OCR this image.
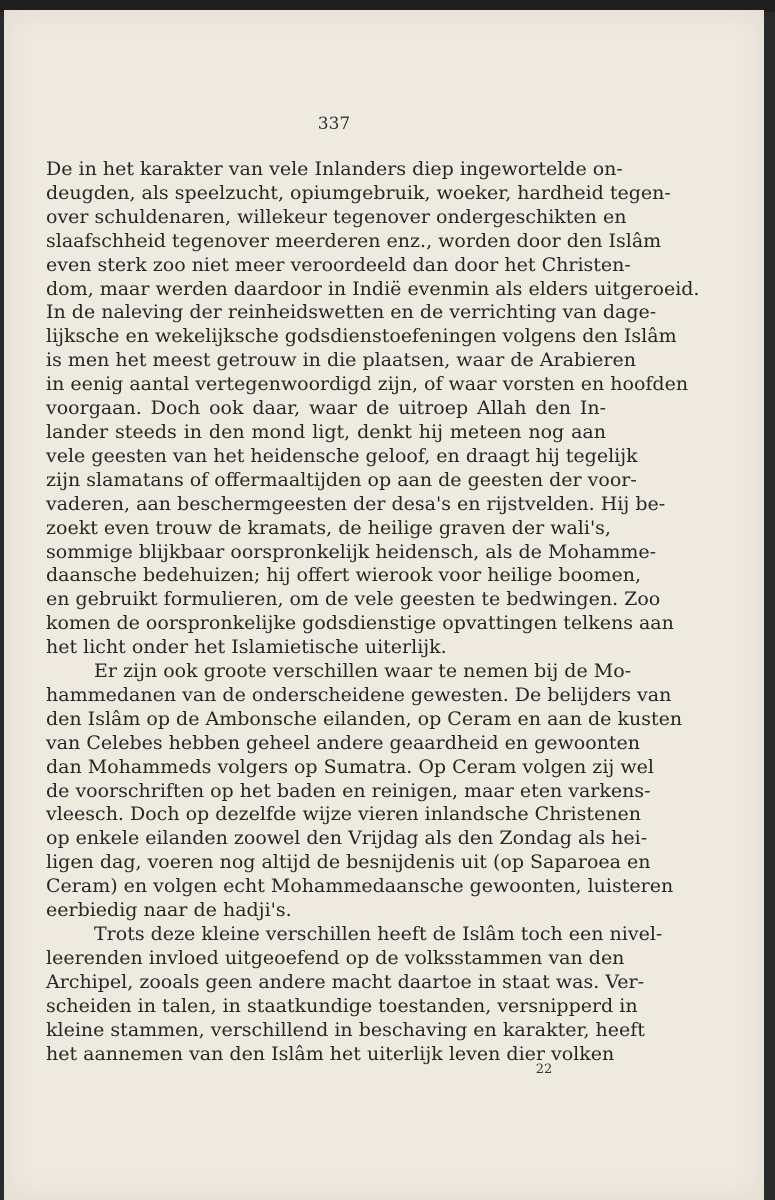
337
De in het karakter van vele Inlanders diep ingewortelde on-
deugden, als speelzucht, opiumgebruik, woeker, hardheid tegen-
over schuldenaren, willekeur tegenover ondergeschikten en
slaafschheid tegenover meerderen enz., worden door den Islâm
even sterk zoo niet meer veroordeeld dan door het Christen-
dom, maar werden daardoor in Indië evenmin als elders uitgeroeid.
In de naleving der reinheidswetten en de verrichting van dage-
lijksche en wekelijksche godsdienstoefeningen volgens den Islâm
is men het meest getrouw in die plaatsen, waar de Arabieren
in eenig aantal vertegenwoordigd zijn, of waar vorsten en hoofden
voorgaan. Doch ook daar, waar de uitroep Allah den In-
lander steeds in den mond ligt, denkt hij meteen nog aan
vele geesten van het heidensche geloof, en draagt hij tegelijk
zijn slamatans of offermaaltijden op aan de geesten der voor-
vaderen, aan beschermgeesten der desa's en rijstvelden. Hij be-
zoekt even trouw de kramats, de heilige graven der wali's,
sommige blijkbaar oorspronkelijk heidensch, als de Mohamme-
daansche bedehuizen; hij offert wierook voor heilige boomen,
en gebruikt formulieren, om de vele geesten te bedwingen. Zoo
komen de oorspronkelijke godsdienstige opvattingen telkens aan
het licht onder het Islamietische uiterlijk.
Er zijn ook groote verschillen waar te nemen bij de Mo-
hammedanen van de onderscheidene gewesten. De belijders van
den Islâm op de Ambonsche eilanden, op Ceram en aan de kusten
van Celebes hebben geheel andere geaardheid en gewoonten
dan Mohammeds volgers op Sumatra. Op Ceram volgen zij wel
de voorschriften op het baden en reinigen, maar eten varkens-
vleesch. Doch op dezelfde wijze vieren inlandsche Christenen
op enkele eilanden zoowel den Vrijdag als den Zondag als hei-
ligen dag, voeren nog altijd de besnijdenis uit (op Saparoea en
Ceram) en volgen echt Mohammedaansche gewoonten, luisteren
eerbiedig naar de hadji's.
Trots deze kleine verschillen heeft de Islâm toch een nivel-
leerenden invloed uitgeoefend op de volksstammen van den
Archipel, zooals geen andere macht daartoe in staat was. Ver-
scheiden in talen, in staatkundige toestanden, versnipperd in
kleine stammen, verschillend in beschaving en karakter, heeft
het aannemen van den Islâm het uiterlijk leven dier volken
22
